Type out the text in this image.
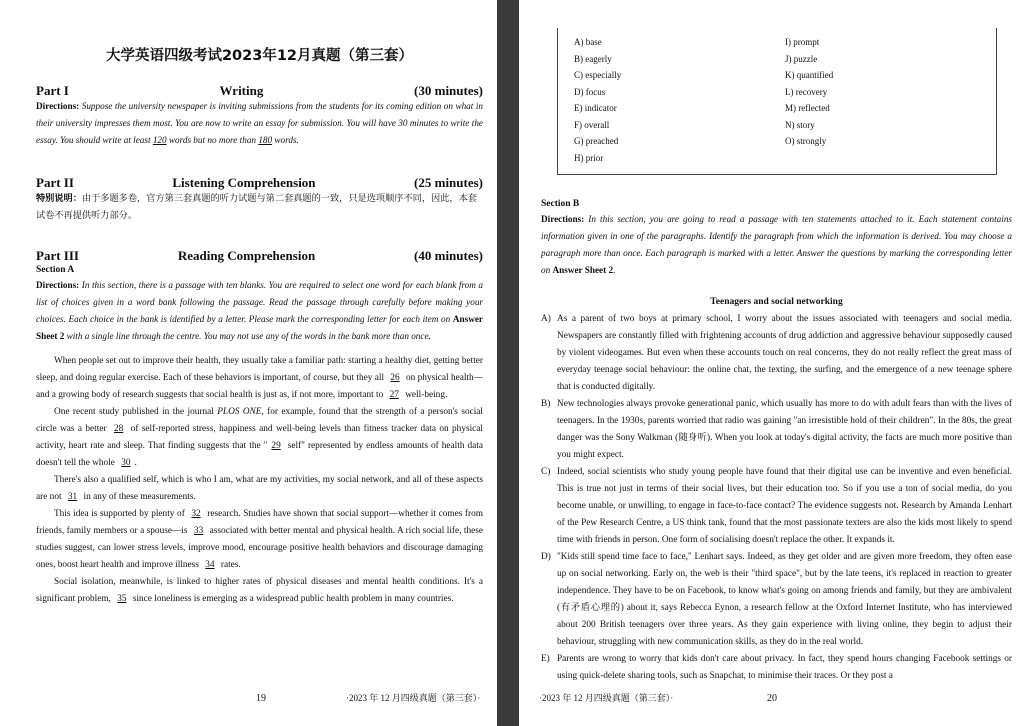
大学英语四级考试2023年12月真题（第三套）
Part I	Writing	(30 minutes)
Directions: Suppose the university newspaper is inviting submissions from the students for its coming edition on what in their university impresses them most. You are now to write an essay for submission. You will have 30 minutes to write the essay. You should write at least 120 words but no more than 180 words.
Part II	Listening Comprehension	(25 minutes)
特别说明：由于多题多卷，官方第三套真题的听力试题与第二套真题的一致，只是选项顺序不同，因此，本套试卷不再提供听力部分。
Part III	Reading Comprehension	(40 minutes)
Section A
Directions: In this section, there is a passage with ten blanks. You are required to select one word for each blank from a list of choices given in a word bank following the passage. Read the passage through carefully before making your choices. Each choice in the bank is identified by a letter. Please mark the corresponding letter for each item on Answer Sheet 2 with a single line through the centre. You may not use any of the words in the bank more than once.

When people set out to improve their health, they usually take a familiar path: starting a healthy diet, getting better sleep, and doing regular exercise. Each of these behaviors is important, of course, but they all 26 on physical health—and a growing body of research suggests that social health is just as, if not more, important to 27 well-being.

One recent study published in the journal PLOS ONE, for example, found that the strength of a person's social circle was a better 28 of self-reported stress, happiness and well-being levels than fitness tracker data on physical activity, heart rate and sleep. That finding suggests that the " 29 self" represented by endless amounts of health data doesn't tell the whole 30 .

There's also a qualified self, which is who I am, what are my activities, my social network, and all of these aspects are not 31 in any of these measurements.

This idea is supported by plenty of 32 research. Studies have shown that social support—whether it comes from friends, family members or a spouse—is 33 associated with better mental and physical health. A rich social life, these studies suggest, can lower stress levels, improve mood, encourage positive health behaviors and discourage damaging ones, boost heart health and improve illness 34 rates.

Social isolation, meanwhile, is linked to higher rates of physical diseases and mental health conditions. It's a significant problem, 35 since loneliness is emerging as a widespread public health problem in many countries.

19	·2023 年 12 月四级真题（第三套）·
A) base
B) eagerly
C) especially
D) focus
E) indicator
F) overall
G) preached
H) prior
I) prompt
J) puzzle
K) quantified
L) recovery
M) reflected
N) story
O) strongly
Section B
Directions: In this section, you are going to read a passage with ten statements attached to it. Each statement contains information given in one of the paragraphs. Identify the paragraph from which the information is derived. You may choose a paragraph more than once. Each paragraph is marked with a letter. Answer the questions by marking the corresponding letter on Answer Sheet 2.
Teenagers and social networking
A) As a parent of two boys at primary school, I worry about the issues associated with teenagers and social media. Newspapers are constantly filled with frightening accounts of drug addiction and aggressive behaviour supposedly caused by violent videogames. But even when these accounts touch on real concerns, they do not really reflect the great mass of everyday teenage social behaviour: the online chat, the texting, the surfing, and the emergence of a new teenage sphere that is conducted digitally.
B) New technologies always provoke generational panic, which usually has more to do with adult fears than with the lives of teenagers. In the 1930s, parents worried that radio was gaining "an irresistible hold of their children". In the 80s, the great danger was the Sony Walkman (随身听). When you look at today's digital activity, the facts are much more positive than you might expect.
C) Indeed, social scientists who study young people have found that their digital use can be inventive and even beneficial. This is true not just in terms of their social lives, but their education too. So if you use a ton of social media, do you become unable, or unwilling, to engage in face-to-face contact? The evidence suggests not. Research by Amanda Lenhart of the Pew Research Centre, a US think tank, found that the most passionate texters are also the kids most likely to spend time with friends in person. One form of socialising doesn't replace the other. It expands it.
D) "Kids still spend time face to face," Lenhart says. Indeed, as they get older and are given more freedom, they often ease up on social networking. Early on, the web is their "third space", but by the late teens, it's replaced in reaction to greater independence. They have to be on Facebook, to know what's going on among friends and family, but they are ambivalent (有矛盾心理的) about it, says Rebecca Eynon, a research fellow at the Oxford Internet Institute, who has interviewed about 200 British teenagers over three years. As they gain experience with living online, they begin to adjust their behaviour, struggling with new communication skills, as they do in the real world.
E) Parents are wrong to worry that kids don't care about privacy. In fact, they spend hours changing Facebook settings or using quick-delete sharing tools, such as Snapchat, to minimise their traces. Or they post a
·2023 年 12 月四级真题（第三套）·	20
